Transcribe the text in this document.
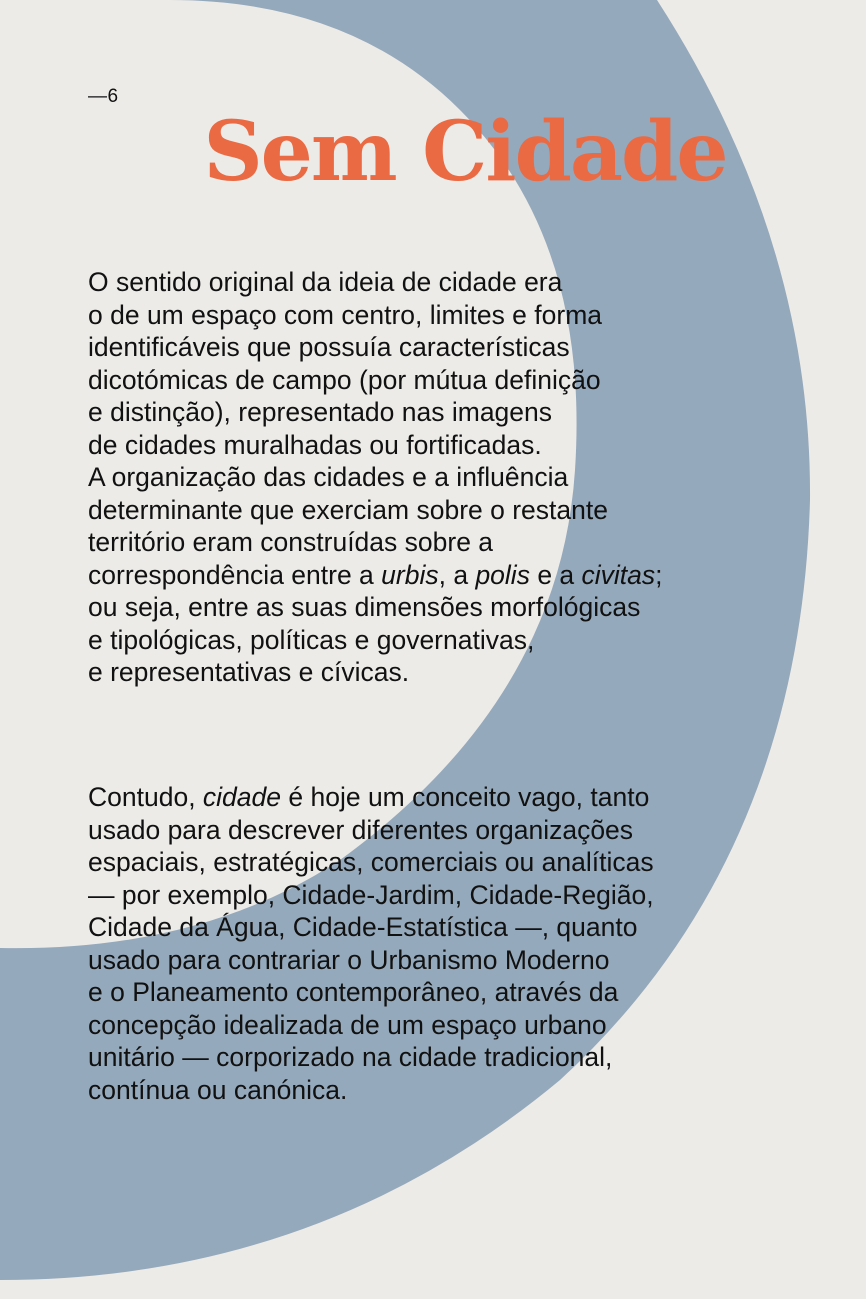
—6
Sem Cidade

O sentido original da ideia de cidade era
o de um espaço com centro, limites e forma
identificáveis que possuía características
dicotómicas de campo (por mútua definição
e distinção), representado nas imagens
de cidades muralhadas ou fortificadas.
A organização das cidades e a influência
determinante que exerciam sobre o restante
território eram construídas sobre a
correspondência entre a urbis, a polis e a civitas;
ou seja, entre as suas dimensões morfológicas
e tipológicas, políticas e governativas,
e representativas e cívicas.

Contudo, cidade é hoje um conceito vago, tanto
usado para descrever diferentes organizações
espaciais, estratégicas, comerciais ou analíticas
— por exemplo, Cidade-Jardim, Cidade-Região,
Cidade da Água, Cidade-Estatística —, quanto
usado para contrariar o Urbanismo Moderno
e o Planeamento contemporâneo, através da
concepção idealizada de um espaço urbano
unitário — corporizado na cidade tradicional,
contínua ou canónica.
